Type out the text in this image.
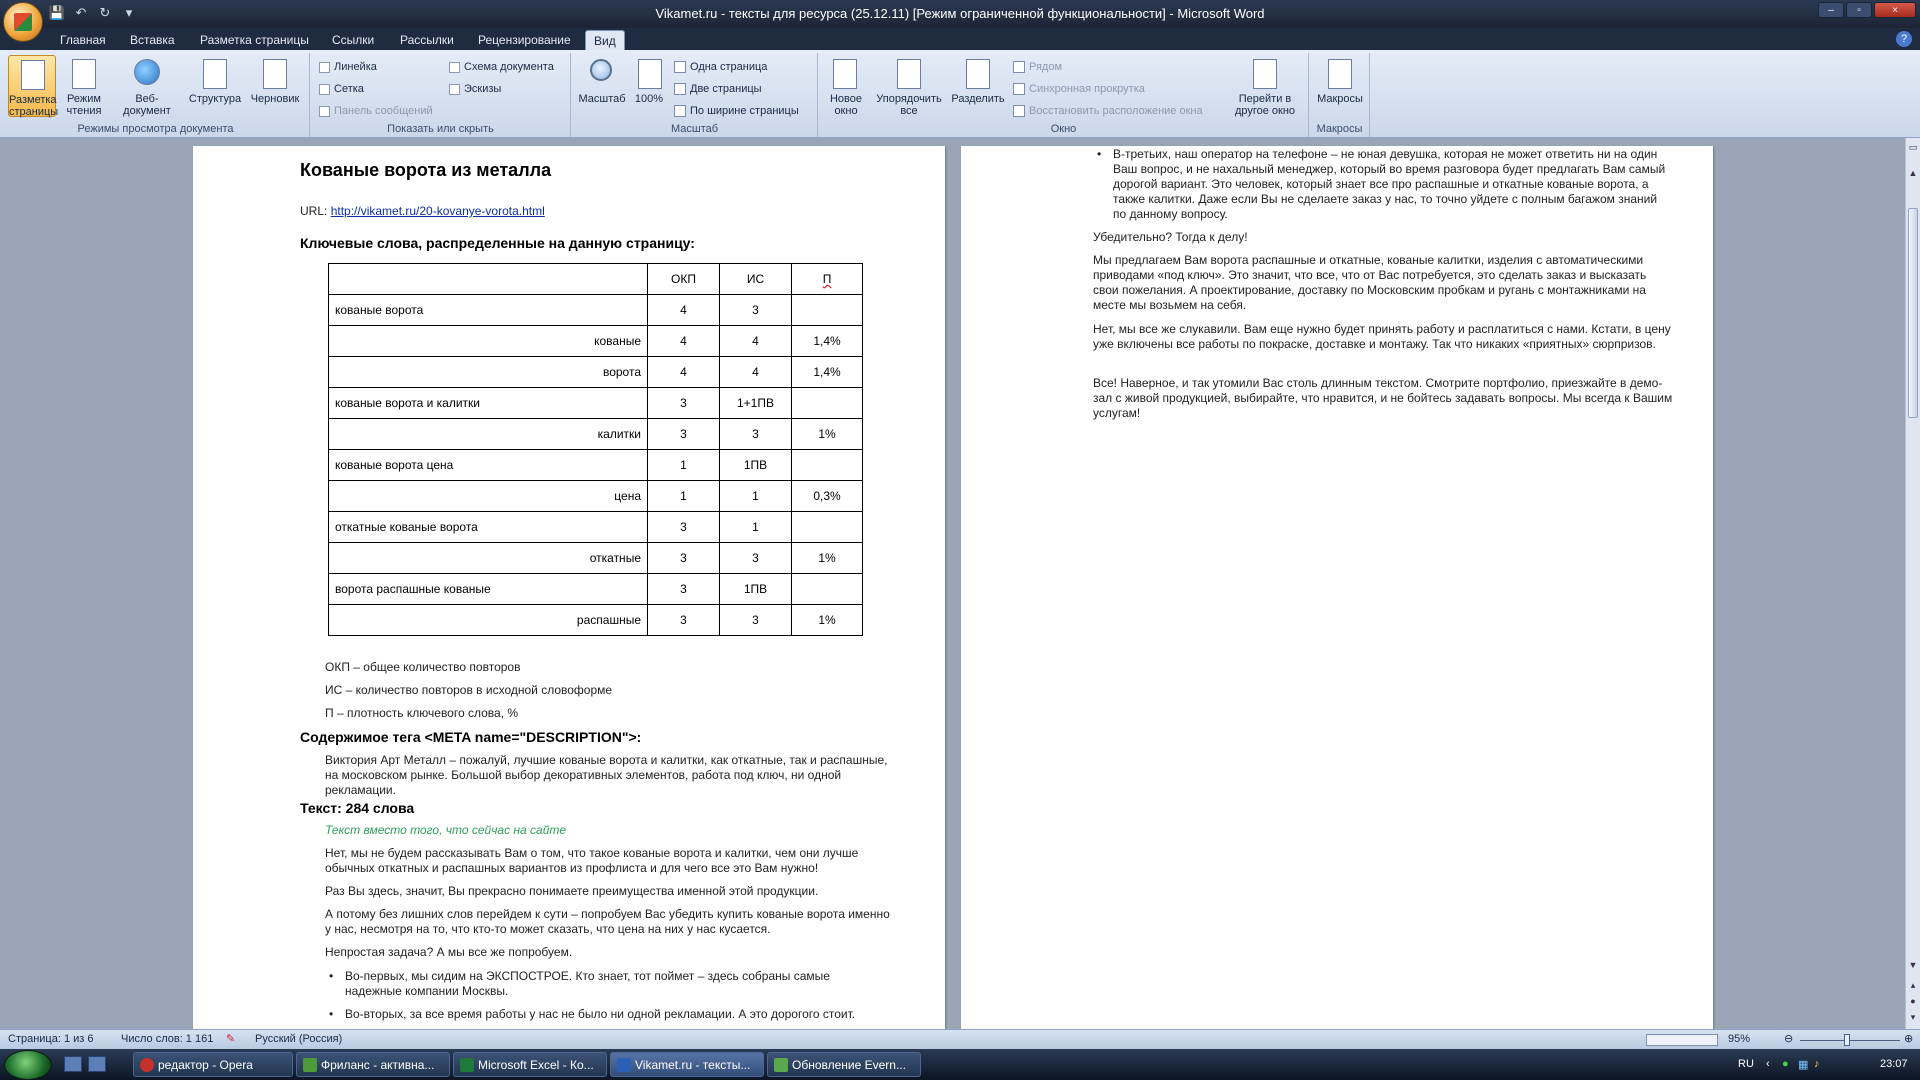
💾 ↶ ↻	▾	Vikamet.ru - тексты для ресурса (25.12.11) [Режим ограниченной функциональности] - Microsoft Word	–	▫	×
Главная	Вставка	Разметка страницы	Ссылки	Рассылки	Рецензирование	Вид	?
Разметка страницы
Режим чтения
Веб-документ
Структура Черновик
Режимы просмотра документа
Линейка
Сетка
Панель сообщений
Схема документа
Эскизы
Показать или скрыть
Масштаб 100%
Одна страница
Две страницы
По ширине страницы
Масштаб
Новое окно
Упорядочить все
Разделить
Рядом
Синхронная прокрутка
Восстановить расположение окна
Перейти в другое окно
Окно
Макросы
Макросы
Кованые ворота из металла
URL: http://vikamet.ru/20-kovanye-vorota.html
Ключевые слова, распределенные на данную страницу:
	ОКП	ИС	П
кованые ворота	4	3	
кованые	4	4	1,4%
ворота	4	4	1,4%
кованые ворота и калитки	3	1+1ПВ	
калитки	3	3	1%
кованые ворота цена	1	1ПВ	
цена	1	1	0,3%
откатные кованые ворота	3	1	
откатные	3	3	1%
ворота распашные кованые	3	1ПВ	
распашные	3	3	1%
ОКП – общее количество повторов
ИС – количество повторов в исходной словоформе
П – плотность ключевого слова, %
Содержимое тега <META name="DESCRIPTION">:
Виктория Арт Металл – пожалуй, лучшие кованые ворота и калитки, как откатные, так и распашные, на московском рынке. Большой выбор декоративных элементов, работа под ключ, ни одной рекламации.
Текст: 284 слова
Текст вместо того, что сейчас на сайте
Нет, мы не будем рассказывать Вам о том, что такое кованые ворота и калитки, чем они лучше обычных откатных и распашных вариантов из профлиста и для чего все это Вам нужно!
Раз Вы здесь, значит, Вы прекрасно понимаете преимущества именной этой продукции.
А потому без лишних слов перейдем к сути – попробуем Вас убедить купить кованые ворота именно у нас, несмотря на то, что кто-то может сказать, что цена на них у нас кусается.
Непростая задача? А мы все же попробуем.
• Во-первых, мы сидим на ЭКСПОСТРОЕ. Кто знает, тот поймет – здесь собраны самые надежные компании Москвы.
• Во-вторых, за все время работы у нас не было ни одной рекламации. А это дорогого стоит.
• В-третьих, наш оператор на телефоне – не юная девушка, которая не может ответить ни на один Ваш вопрос, и не нахальный менеджер, который во время разговора будет предлагать Вам самый дорогой вариант. Это человек, который знает все про распашные и откатные кованые ворота, а также калитки. Даже если Вы не сделаете заказ у нас, то точно уйдете с полным багажом знаний по данному вопросу.
Убедительно? Тогда к делу!
Мы предлагаем Вам ворота распашные и откатные, кованые калитки, изделия с автоматическими приводами «под ключ». Это значит, что все, что от Вас потребуется, это сделать заказ и высказать свои пожелания. А проектирование, доставку по Московским пробкам и ругань с монтажниками на месте мы возьмем на себя.
Нет, мы все же слукавили. Вам еще нужно будет принять работу и расплатиться с нами. Кстати, в цену уже включены все работы по покраске, доставке и монтажу. Так что никаких «приятных» сюрпризов.
Все! Наверное, и так утомили Вас столь длинным текстом. Смотрите портфолио, приезжайте в демо-зал с живой продукцией, выбирайте, что нравится, и не бойтесь задавать вопросы. Мы всегда к Вашим услугам!
▭
▲
▼
▴
●
▾
Страница: 1 из 6 Число слов: 1 161 ✎ Русский (Россия)	95%	⊖	⊕
редактор - Opera	Фриланс - активна...	Microsoft Excel - Ко...	Vikamet.ru - тексты...	Обновление Evern...	RU ‹ ● ▦ ♪	23:07
